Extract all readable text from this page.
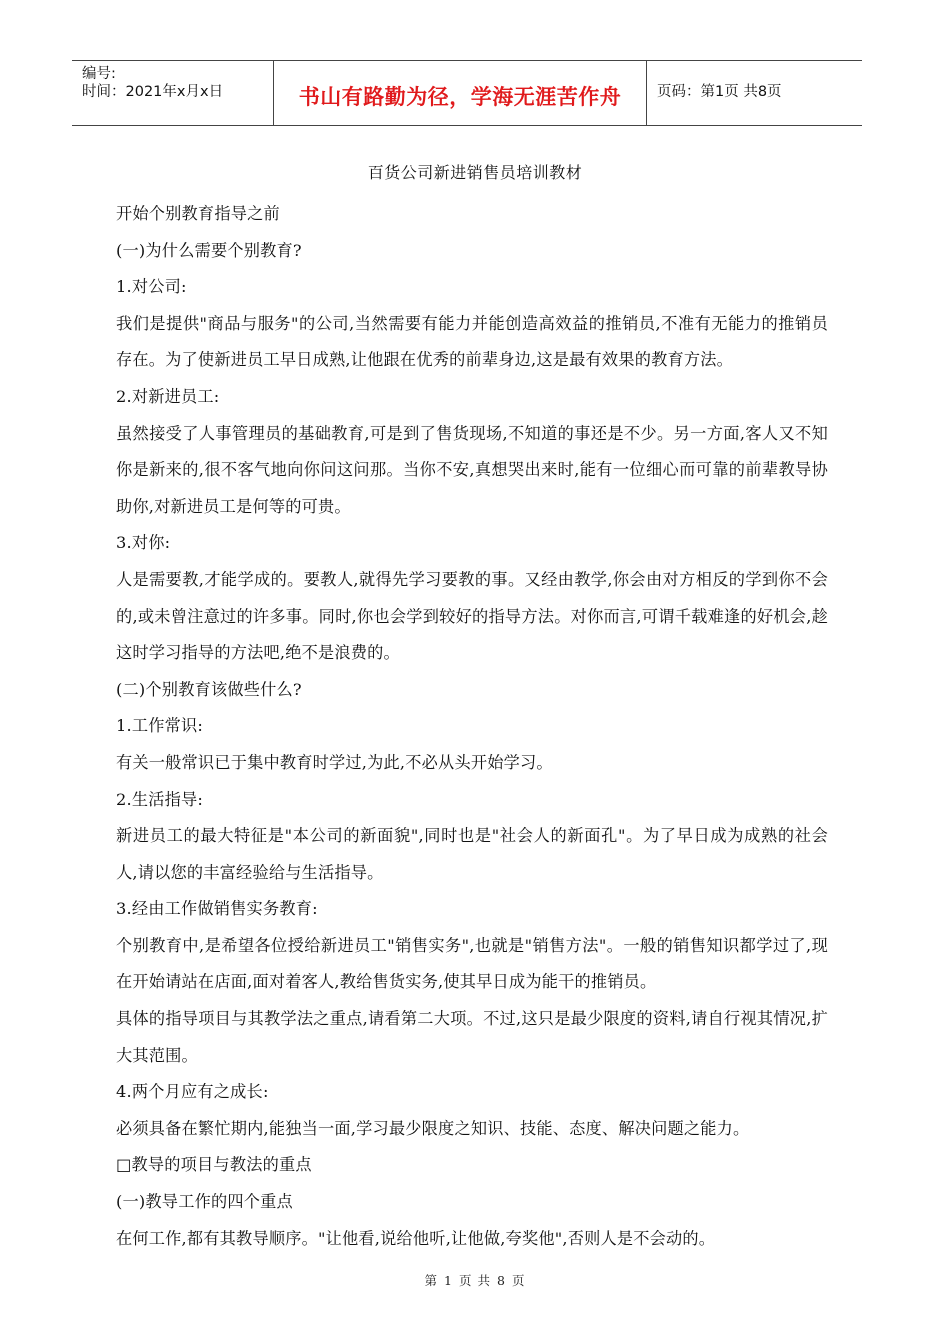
编号:
时间：2021年x月x日	书山有路勤为径，学海无涯苦作舟	页码：第1页 共8页
百货公司新进销售员培训教材

开始个别教育指导之前

(一)为什么需要个别教育?

1.对公司:

我们是提供"商品与服务"的公司,当然需要有能力并能创造高效益的推销员,不准有无能力的推销员存在。为了使新进员工早日成熟,让他跟在优秀的前辈身边,这是最有效果的教育方法。

2.对新进员工:

虽然接受了人事管理员的基础教育,可是到了售货现场,不知道的事还是不少。另一方面,客人又不知你是新来的,很不客气地向你问这问那。当你不安,真想哭出来时,能有一位细心而可靠的前辈教导协助你,对新进员工是何等的可贵。

3.对你:

人是需要教,才能学成的。要教人,就得先学习要教的事。又经由教学,你会由对方相反的学到你不会的,或未曾注意过的许多事。同时,你也会学到较好的指导方法。对你而言,可谓千载难逢的好机会,趁这时学习指导的方法吧,绝不是浪费的。

(二)个别教育该做些什么?

1.工作常识:

有关一般常识已于集中教育时学过,为此,不必从头开始学习。

2.生活指导:

新进员工的最大特征是"本公司的新面貌",同时也是"社会人的新面孔"。为了早日成为成熟的社会人,请以您的丰富经验给与生活指导。

3.经由工作做销售实务教育:

个别教育中,是希望各位授给新进员工"销售实务",也就是"销售方法"。一般的销售知识都学过了,现在开始请站在店面,面对着客人,教给售货实务,使其早日成为能干的推销员。

具体的指导项目与其教学法之重点,请看第二大项。不过,这只是最少限度的资料,请自行视其情况,扩大其范围。

4.两个月应有之成长:

必须具备在繁忙期内,能独当一面,学习最少限度之知识、技能、态度、解决问题之能力。

□教导的项目与教法的重点

(一)教导工作的四个重点

在何工作,都有其教导顺序。"让他看,说给他听,让他做,夸奖他",否则人是不会动的。

第 1 页 共 8 页
